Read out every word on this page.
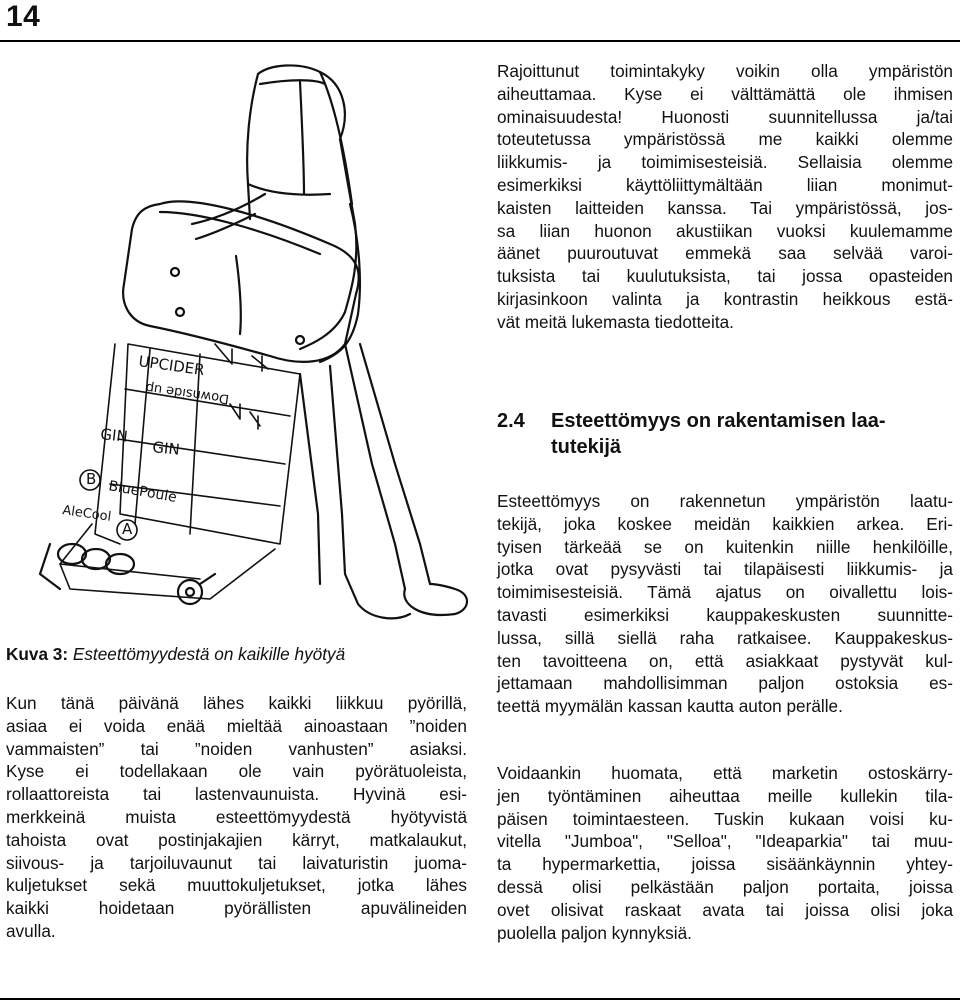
14
UPCIDER
Downside up
GIN
GIN
B BluePoule
AleCool
A

Rajoittunut toimintakyky voikin olla ympäristön

aiheuttamaa. Kyse ei välttämättä ole ihmisen

ominaisuudesta! Huonosti suunnitellussa ja/tai

toteutetussa ympäristössä me kaikki olemme

liikkumis- ja toimimisesteisiä. Sellaisia olemme

esimerkiksi käyttöliittymältään liian monimut-

kaisten laitteiden kanssa. Tai ympäristössä, jos-

sa liian huonon akustiikan vuoksi kuulemamme

äänet puuroutuvat emmekä saa selvää varoi-

tuksista tai kuulutuksista, tai jossa opasteiden

kirjasinkoon valinta ja kontrastin heikkous estä-

vät meitä lukemasta tiedotteita.

2.4 Esteettömyys on rakentamisen laa-
tutekijä

Esteettömyys on rakennetun ympäristön laatu-

tekijä, joka koskee meidän kaikkien arkea. Eri-

tyisen tärkeää se on kuitenkin niille henkilöille,

jotka ovat pysyvästi tai tilapäisesti liikkumis- ja

toimimisesteisiä. Tämä ajatus on oivallettu lois-

tavasti esimerkiksi kauppakeskusten suunnitte-

lussa, sillä siellä raha ratkaisee. Kauppakeskus-

ten tavoitteena on, että asiakkaat pystyvät kul-

jettamaan mahdollisimman paljon ostoksia es-

teettä myymälän kassan kautta auton perälle.

Voidaankin huomata, että marketin ostoskärry-

jen työntäminen aiheuttaa meille kullekin tila-

päisen toimintaesteen. Tuskin kukaan voisi ku-

vitella "Jumboa", "Selloa", "Ideaparkia" tai muu-

ta hypermarkettia, joissa sisäänkäynnin yhtey-

dessä olisi pelkästään paljon portaita, joissa

ovet olisivat raskaat avata tai joissa olisi joka

puolella paljon kynnyksiä.

Kuva 3: Esteettömyydestä on kaikille hyötyä

Kun tänä päivänä lähes kaikki liikkuu pyörillä,

asiaa ei voida enää mieltää ainoastaan ”noiden

vammaisten” tai ”noiden vanhusten” asiaksi.

Kyse ei todellakaan ole vain pyörätuoleista,

rollaattoreista tai lastenvaunuista. Hyvinä esi-

merkkeinä muista esteettömyydestä hyötyvistä

tahoista ovat postinjakajien kärryt, matkalaukut,

siivous- ja tarjoiluvaunut tai laivaturistin juoma-

kuljetukset sekä muuttokuljetukset, jotka lähes

kaikki hoidetaan pyörällisten apuvälineiden

avulla.
